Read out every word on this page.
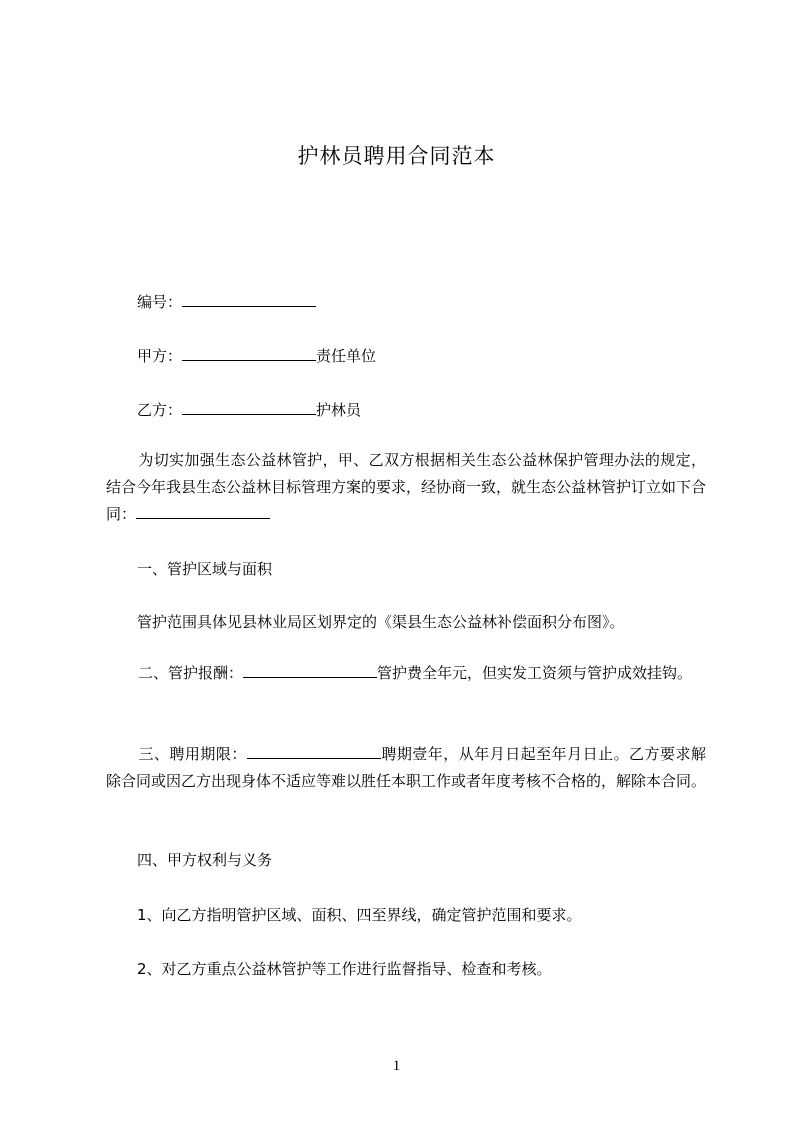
护林员聘用合同范本
编号：
甲方：	责任单位
乙方：	护林员
为切实加强生态公益林管护，甲、乙双方根据相关生态公益林保护管理办法的规定，结合今年我县生态公益林目标管理方案的要求，经协商一致，就生态公益林管护订立如下合同：
一、管护区域与面积
管护范围具体见县林业局区划界定的《渠县生态公益林补偿面积分布图》。
二、管护报酬：	管护费全年元，但实发工资须与管护成效挂钩。
三、聘用期限：	聘期壹年，从年月日起至年月日止。乙方要求解除合同或因乙方出现身体不适应等难以胜任本职工作或者年度考核不合格的，解除本合同。
四、甲方权利与义务
1、向乙方指明管护区域、面积、四至界线，确定管护范围和要求。
2、对乙方重点公益林管护等工作进行监督指导、检查和考核。
1
